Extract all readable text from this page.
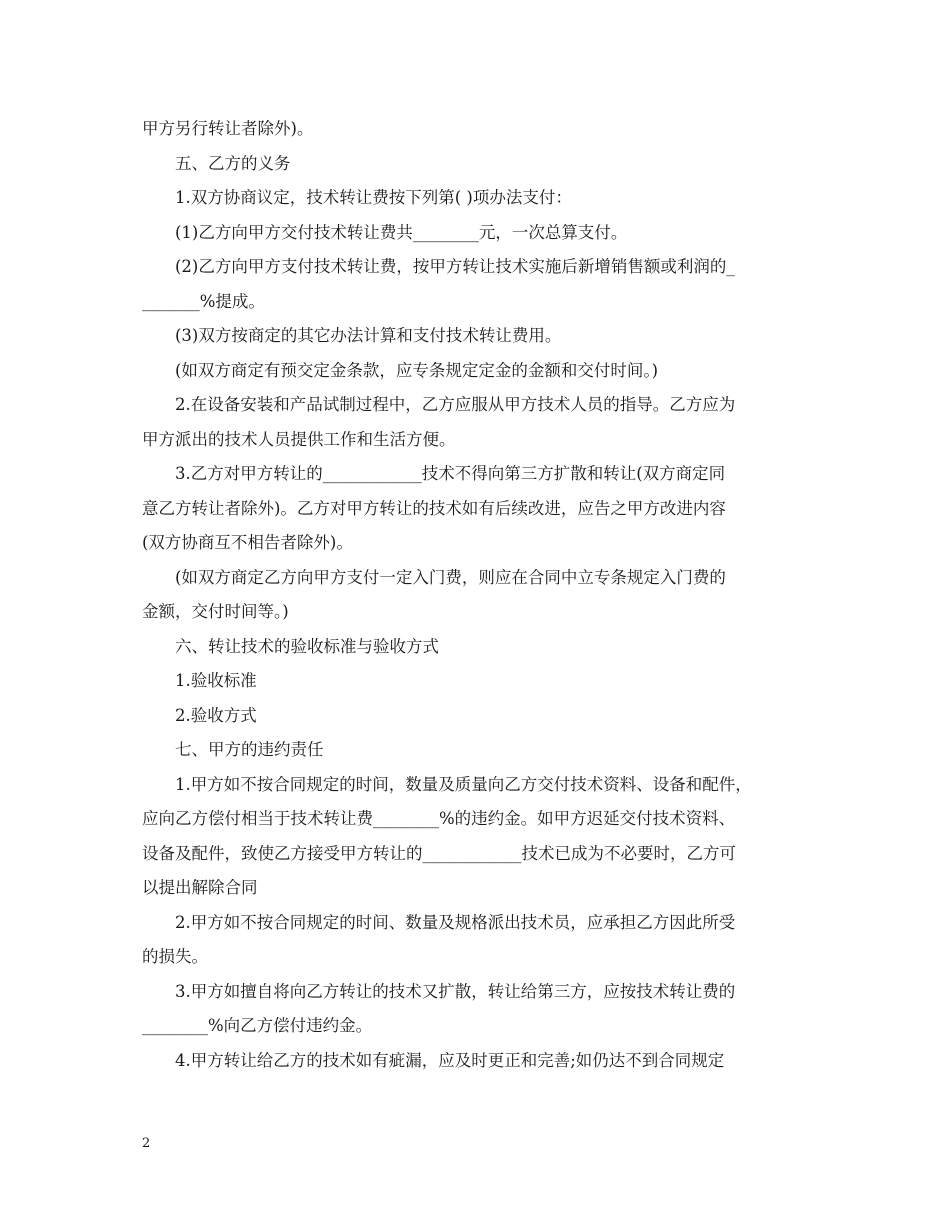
甲方另行转让者除外)。
五、乙方的义务
1.双方协商议定，技术转让费按下列第( )项办法支付：
(1)乙方向甲方交付技术转让费共________元，一次总算支付。
(2)乙方向甲方支付技术转让费，按甲方转让技术实施后新增销售额或利润的_
_______%提成。
(3)双方按商定的其它办法计算和支付技术转让费用。
(如双方商定有预交定金条款，应专条规定定金的金额和交付时间。)
2.在设备安装和产品试制过程中，乙方应服从甲方技术人员的指导。乙方应为
甲方派出的技术人员提供工作和生活方便。
3.乙方对甲方转让的____________技术不得向第三方扩散和转让(双方商定同
意乙方转让者除外)。乙方对甲方转让的技术如有后续改进，应告之甲方改进内容
(双方协商互不相告者除外)。
(如双方商定乙方向甲方支付一定入门费，则应在合同中立专条规定入门费的
金额，交付时间等。)
六、转让技术的验收标准与验收方式
1.验收标准
2.验收方式
七、甲方的违约责任
1.甲方如不按合同规定的时间，数量及质量向乙方交付技术资料、设备和配件，
应向乙方偿付相当于技术转让费________%的违约金。如甲方迟延交付技术资料、
设备及配件，致使乙方接受甲方转让的____________技术已成为不必要时，乙方可
以提出解除合同
2.甲方如不按合同规定的时间、数量及规格派出技术员，应承担乙方因此所受
的损失。
3.甲方如擅自将向乙方转让的技术又扩散，转让给第三方，应按技术转让费的
________%向乙方偿付违约金。
4.甲方转让给乙方的技术如有疵漏，应及时更正和完善;如仍达不到合同规定
2
